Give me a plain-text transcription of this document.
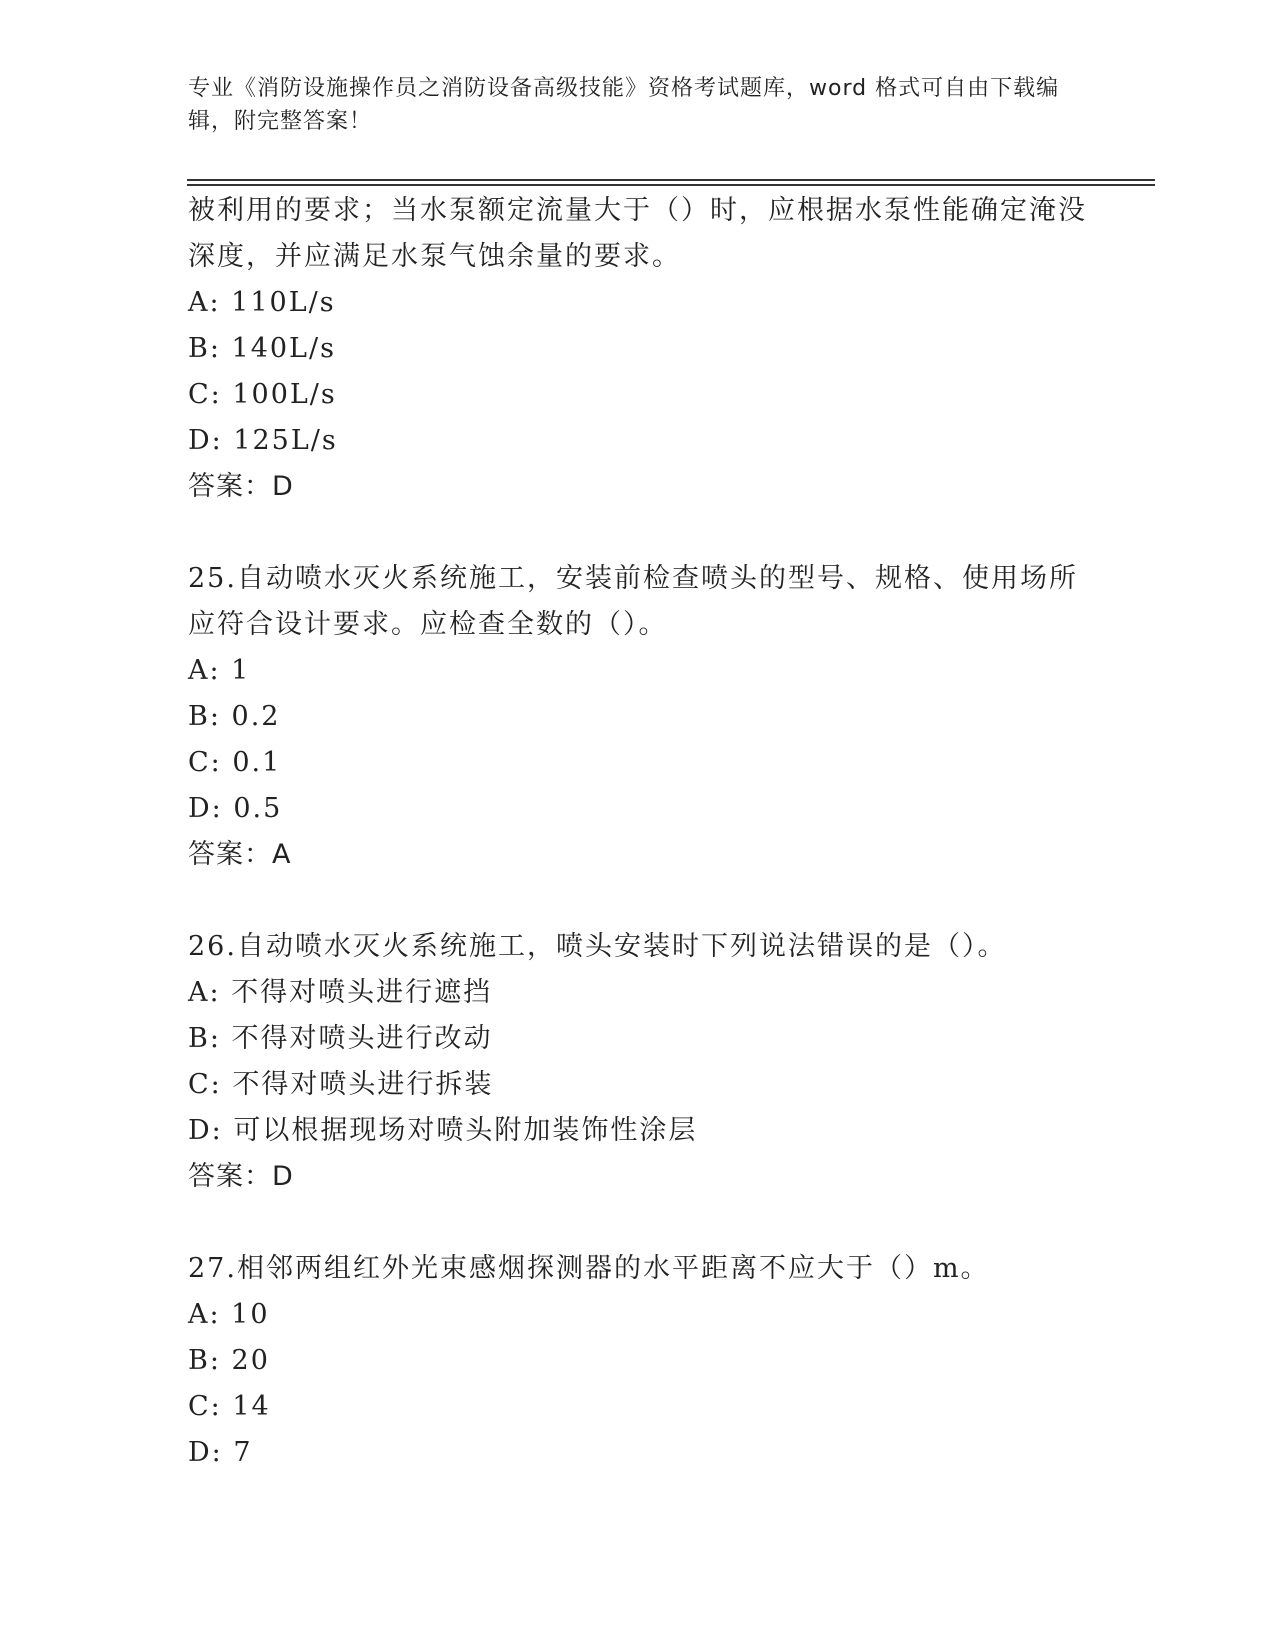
专业《消防设施操作员之消防设备高级技能》资格考试题库，word 格式可自由下载编辑，附完整答案！

被利用的要求；当水泵额定流量大于（）时，应根据水泵性能确定淹没深度，并应满足水泵气蚀余量的要求。

A: 110L/s

B: 140L/s

C: 100L/s

D: 125L/s

答案：D

25.自动喷水灭火系统施工，安装前检查喷头的型号、规格、使用场所应符合设计要求。应检查全数的（）。

A: 1

B: 0.2

C: 0.1

D: 0.5

答案：A

26.自动喷水灭火系统施工，喷头安装时下列说法错误的是（）。

A: 不得对喷头进行遮挡

B: 不得对喷头进行改动

C: 不得对喷头进行拆装

D: 可以根据现场对喷头附加装饰性涂层

答案：D

27.相邻两组红外光束感烟探测器的水平距离不应大于（）m。

A: 10

B: 20

C: 14

D: 7
